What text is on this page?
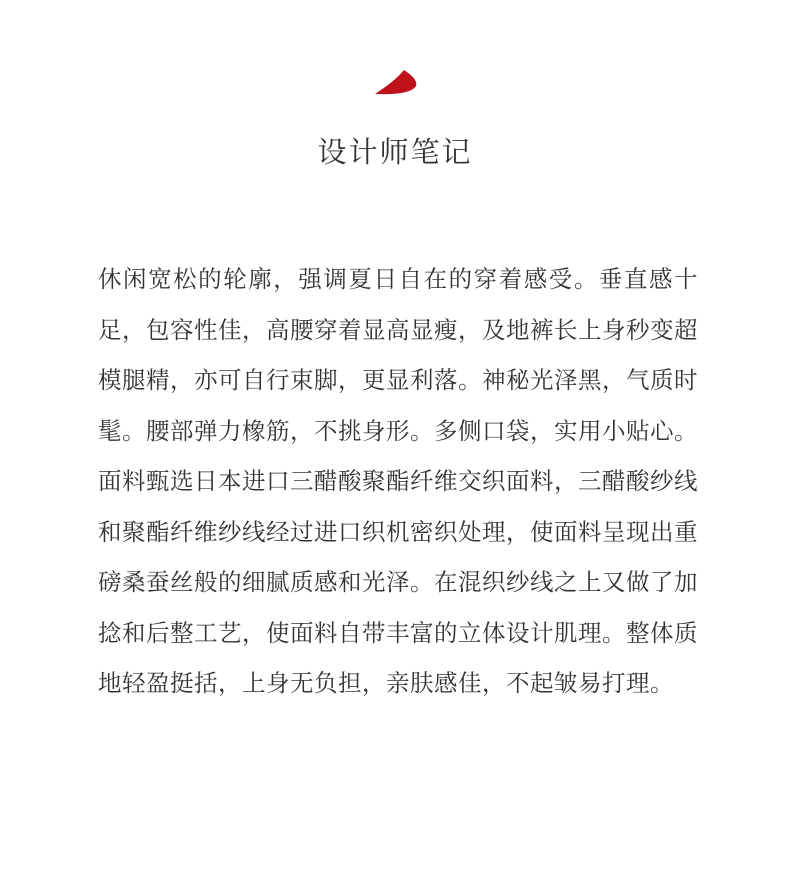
设计师笔记

休闲宽松的轮廓，强调夏日自在的穿着感受。垂直感十足，包容性佳，高腰穿着显高显瘦，及地裤长上身秒变超模腿精，亦可自行束脚，更显利落。神秘光泽黑，气质时髦。腰部弹力橡筋，不挑身形。多侧口袋，实用小贴心。

面料甄选日本进口三醋酸聚酯纤维交织面料，三醋酸纱线和聚酯纤维纱线经过进口织机密织处理，使面料呈现出重磅桑蚕丝般的细腻质感和光泽。在混织纱线之上又做了加捻和后整工艺，使面料自带丰富的立体设计肌理。整体质地轻盈挺括，上身无负担，亲肤感佳，不起皱易打理。
